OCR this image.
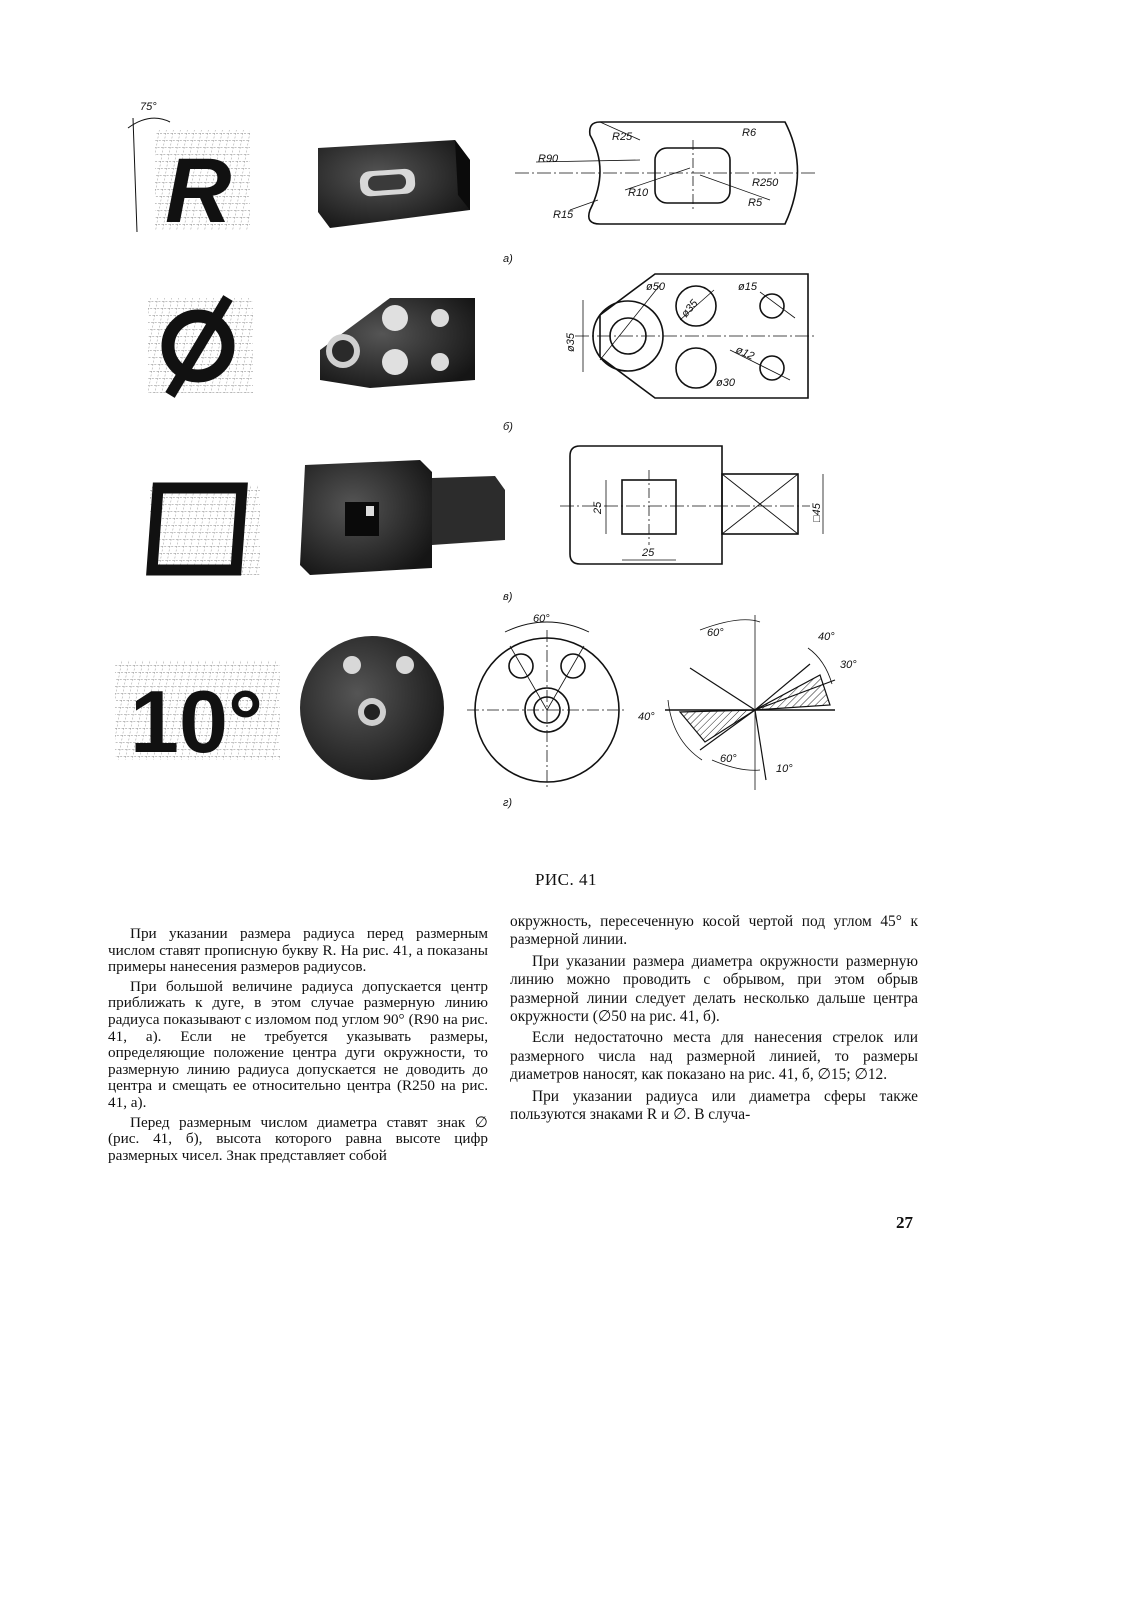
75°
R
R25	R6
R90
R250
R10
R5
R15
а)
ø50
ø35
ø15
ø35
ø12
ø30
б)
25
25
□45
в)
10°
60°
60°	40°
30°
40°
60°
10°
г)
РИС. 41

При указании размера радиуса перед размерным числом ставят прописную букву R. На рис. 41, а показаны примеры нанесения размеров радиусов.

При большой величине радиуса допускается центр приближать к дуге, в этом случае размерную линию радиуса показывают с изломом под углом 90° (R90 на рис. 41, а). Если не требуется указывать размеры, определяющие положение центра дуги окружности, то размерную линию радиуса допускается не доводить до центра и смещать ее относительно центра (R250 на рис. 41, а).

Перед размерным числом диаметра ставят знак ∅ (рис. 41, б), высота которого равна высоте цифр размерных чисел. Знак представляет собой

окружность, пересеченную косой чертой под углом 45° к размерной линии.

При указании размера диаметра окружности размерную линию можно проводить с обрывом, при этом обрыв размерной линии следует делать несколько дальше центра окружности (∅50 на рис. 41, б).

Если недостаточно места для нанесения стрелок или размерного числа над размерной линией, то размеры диаметров наносят, как показано на рис. 41, б, ∅15; ∅12.

При указании радиуса или диаметра сферы также пользуются знаками R и ∅. В случа-

27
